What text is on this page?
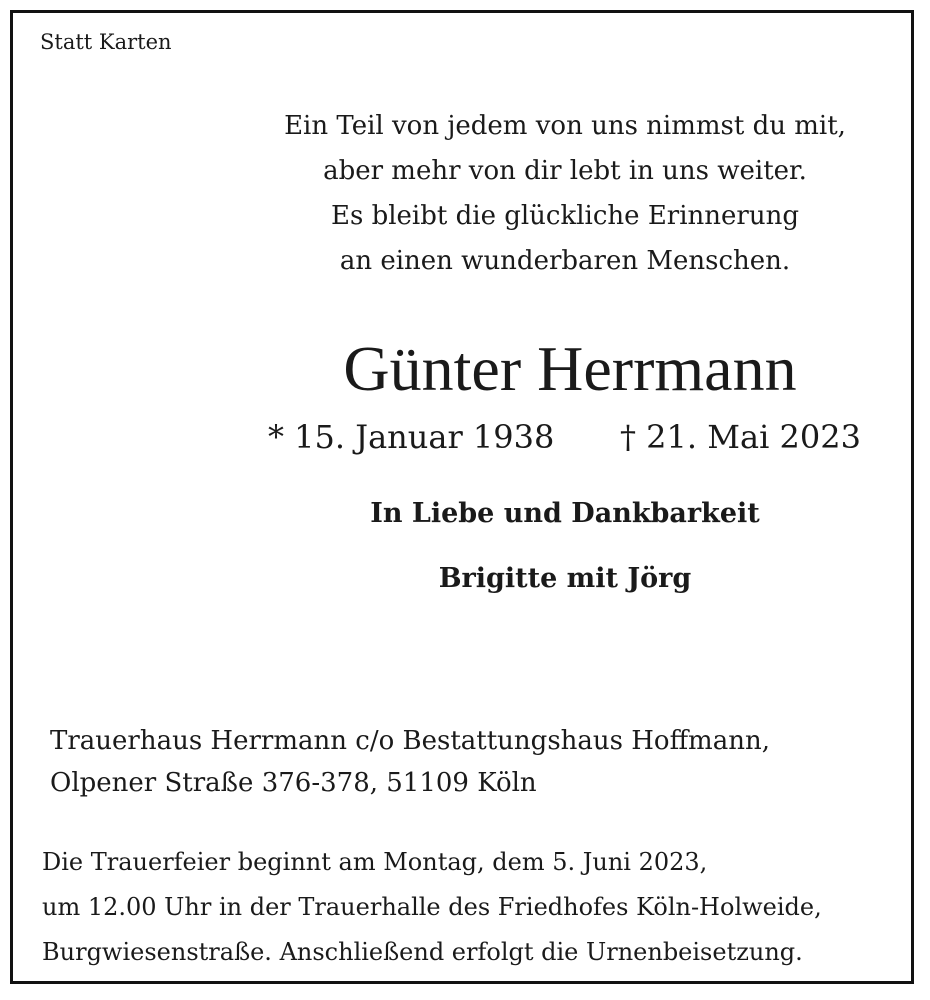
Statt Karten
Ein Teil von jedem von uns nimmst du mit,
aber mehr von dir lebt in uns weiter.
Es bleibt die glückliche Erinnerung
an einen wunderbaren Menschen.
Günter Herrmann
* 15. Januar 1938 † 21. Mai 2023
In Liebe und Dankbarkeit
Brigitte mit Jörg
Trauerhaus Herrmann c/o Bestattungshaus Hoffmann,
Olpener Straße 376-378, 51109 Köln
Die Trauerfeier beginnt am Montag, dem 5. Juni 2023,
um 12.00 Uhr in der Trauerhalle des Friedhofes Köln-Holweide,
Burgwiesenstraße. Anschließend erfolgt die Urnenbeisetzung.
